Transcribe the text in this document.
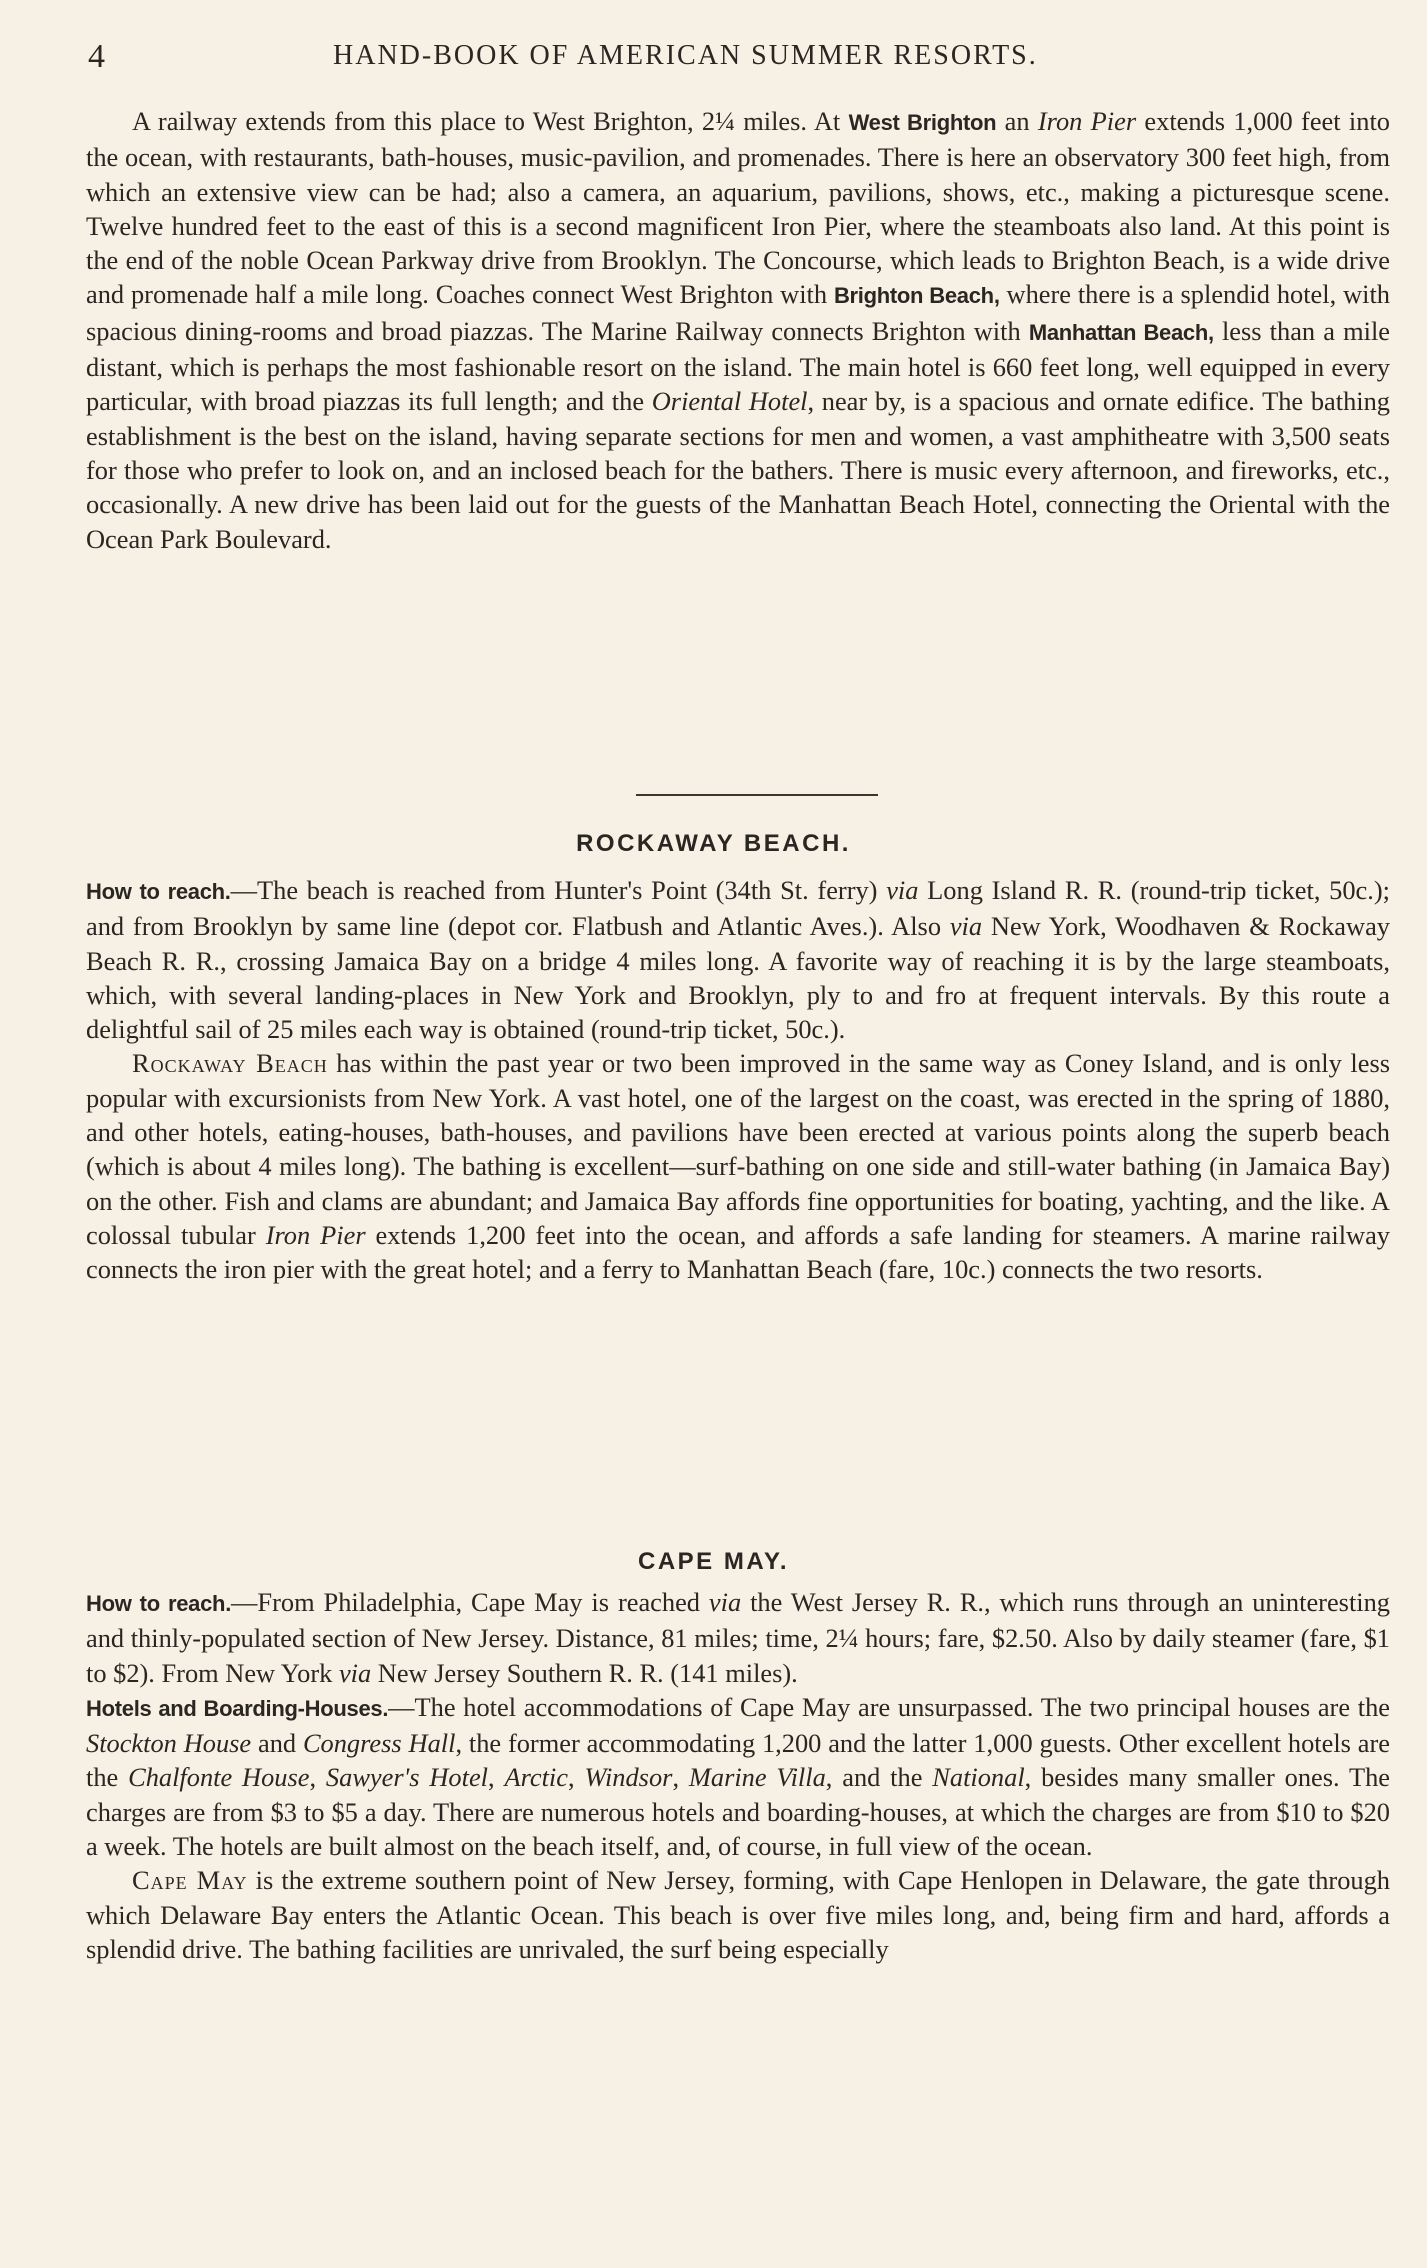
4	HAND-BOOK OF AMERICAN SUMMER RESORTS.

A railway extends from this place to West Brighton, 2¼ miles. At West Brighton an Iron Pier extends 1,000 feet into the ocean, with restaurants, bath-houses, music-pavilion, and promenades. There is here an observatory 300 feet high, from which an extensive view can be had; also a camera, an aquarium, pavilions, shows, etc., making a picturesque scene. Twelve hundred feet to the east of this is a second magnificent Iron Pier, where the steamboats also land. At this point is the end of the noble Ocean Parkway drive from Brooklyn. The Concourse, which leads to Brighton Beach, is a wide drive and promenade half a mile long. Coaches connect West Brighton with Brighton Beach, where there is a splendid hotel, with spacious dining-rooms and broad piazzas. The Marine Railway connects Brighton with Manhattan Beach, less than a mile distant, which is perhaps the most fashionable resort on the island. The main hotel is 660 feet long, well equipped in every particular, with broad piazzas its full length; and the Oriental Hotel, near by, is a spacious and ornate edifice. The bathing establishment is the best on the island, having separate sections for men and women, a vast amphitheatre with 3,500 seats for those who prefer to look on, and an inclosed beach for the bathers. There is music every afternoon, and fireworks, etc., occasionally. A new drive has been laid out for the guests of the Manhattan Beach Hotel, connecting the Oriental with the Ocean Park Boulevard.

ROCKAWAY BEACH.

How to reach.—The beach is reached from Hunter's Point (34th St. ferry) via Long Island R. R. (round-trip ticket, 50c.); and from Brooklyn by same line (depot cor. Flatbush and Atlantic Aves.). Also via New York, Woodhaven & Rockaway Beach R. R., crossing Jamaica Bay on a bridge 4 miles long. A favorite way of reaching it is by the large steamboats, which, with several landing-places in New York and Brooklyn, ply to and fro at frequent intervals. By this route a delightful sail of 25 miles each way is obtained (round-trip ticket, 50c.).

Rockaway Beach has within the past year or two been improved in the same way as Coney Island, and is only less popular with excursionists from New York. A vast hotel, one of the largest on the coast, was erected in the spring of 1880, and other hotels, eating-houses, bath-houses, and pavilions have been erected at various points along the superb beach (which is about 4 miles long). The bathing is excellent—surf-bathing on one side and still-water bathing (in Jamaica Bay) on the other. Fish and clams are abundant; and Jamaica Bay affords fine opportunities for boating, yachting, and the like. A colossal tubular Iron Pier extends 1,200 feet into the ocean, and affords a safe landing for steamers. A marine railway connects the iron pier with the great hotel; and a ferry to Manhattan Beach (fare, 10c.) connects the two resorts.

CAPE MAY.

How to reach.—From Philadelphia, Cape May is reached via the West Jersey R. R., which runs through an uninteresting and thinly-populated section of New Jersey. Distance, 81 miles; time, 2¼ hours; fare, $2.50. Also by daily steamer (fare, $1 to $2). From New York via New Jersey Southern R. R. (141 miles).

Hotels and Boarding-Houses.—The hotel accommodations of Cape May are unsurpassed. The two principal houses are the Stockton House and Congress Hall, the former accommodating 1,200 and the latter 1,000 guests. Other excellent hotels are the Chalfonte House, Sawyer's Hotel, Arctic, Windsor, Marine Villa, and the National, besides many smaller ones. The charges are from $3 to $5 a day. There are numerous hotels and boarding-houses, at which the charges are from $10 to $20 a week. The hotels are built almost on the beach itself, and, of course, in full view of the ocean.

Cape May is the extreme southern point of New Jersey, forming, with Cape Henlopen in Delaware, the gate through which Delaware Bay enters the Atlantic Ocean. This beach is over five miles long, and, being firm and hard, affords a splendid drive. The bathing facilities are unrivaled, the surf being especially
